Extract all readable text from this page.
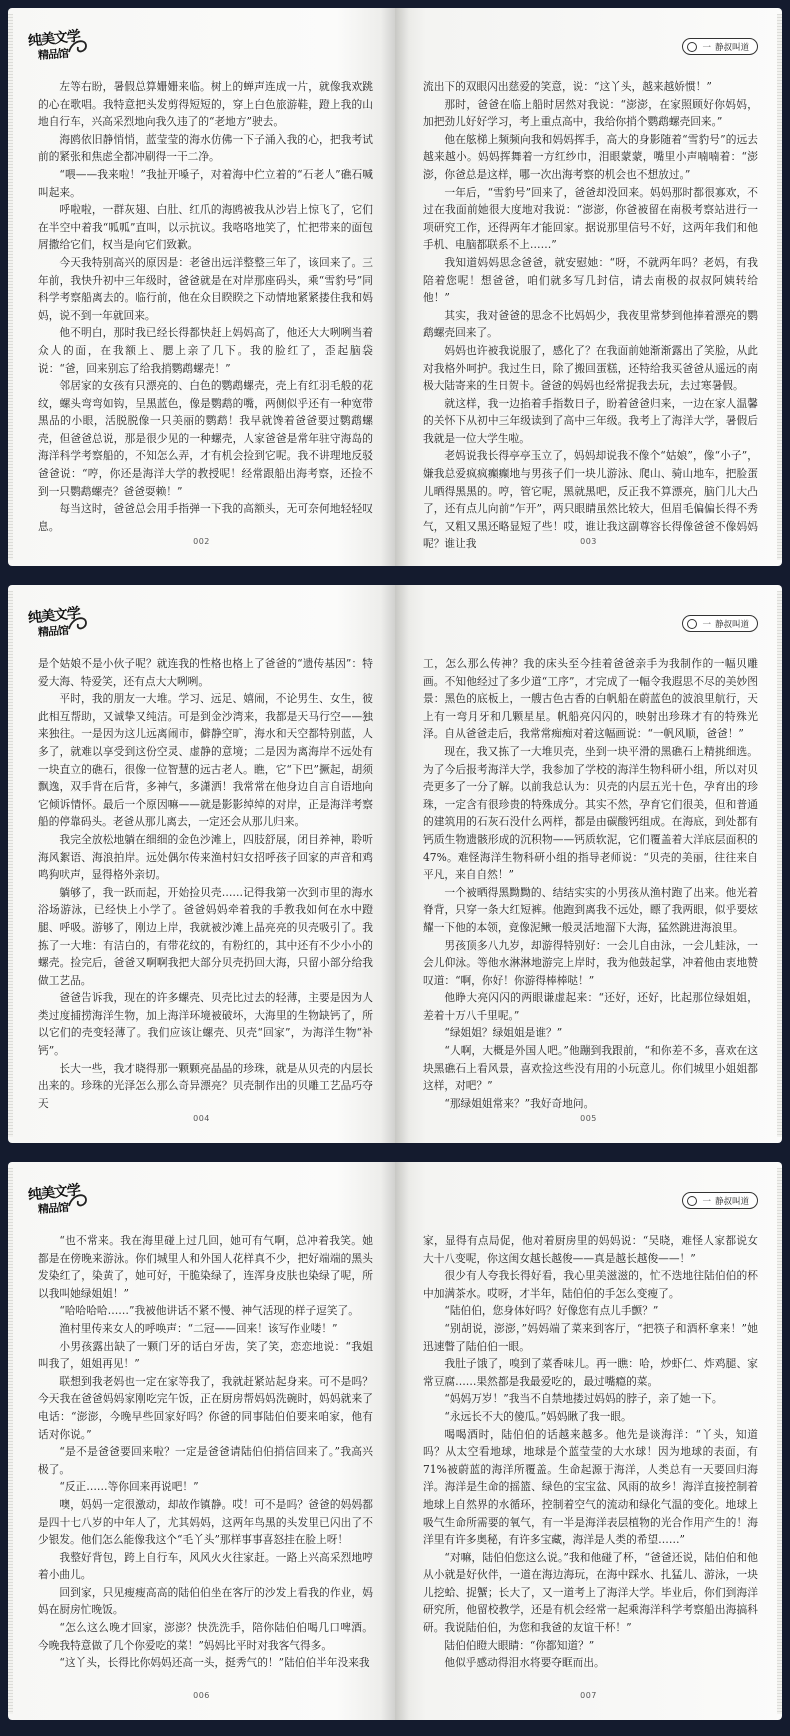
纯美文学
精品馆

左等右盼，暑假总算姗姗来临。树上的蝉声连成一片，就像我欢跳的心在歌唱。我特意把头发剪得短短的，穿上白色旅游鞋，蹬上我的山地自行车，兴高采烈地向我久违了的“老地方”驶去。

海鸥依旧静悄悄，蓝莹莹的海水仿佛一下子涌入我的心，把我考试前的紧张和焦虑全都冲刷得一干二净。

“喂——我来啦！”我扯开嗓子，对着海中伫立着的“石老人”礁石喊叫起来。

呼啦啦，一群灰翅、白肚、红爪的海鸥被我从沙岩上惊飞了，它们在半空中着我“呱呱”直叫，以示抗议。我咯咯地笑了，忙把带来的面包屑撒给它们，权当是向它们致歉。

今天我特别高兴的原因是：老爸出远洋整整三年了，该回来了。三年前，我快升初中三年级时，爸爸就是在对岸那座码头，乘“雪豹号”同科学考察船离去的。临行前，他在众目睽睽之下动情地紧紧搂住我和妈妈，说不到一年就回来。

他不明白，那时我已经长得都快赶上妈妈高了，他还大大咧咧当着众人的面，在我额上、腮上亲了几下。我的脸红了，歪起脑袋说：“爸，回来别忘了给我捎鹦鹉螺壳！”

邻居家的女孩有只漂亮的、白色的鹦鹉螺壳，壳上有红羽毛般的花纹，螺头弯弯如钩，呈黑蓝色，像是鹦鹉的嘴，两侧似乎还有一种宽带黑品的小眼，活脱脱像一只美丽的鹦鹉！我早就馋着爸爸要过鹦鹉螺壳，但爸爸总说，那是很少见的一种螺壳，人家爸爸是常年驻守海岛的海洋科学考察船的，不知怎么弄，才有机会捡到它呢。我不讲理地反驳爸爸说：“哼，你还是海洋大学的教授呢！经常跟船出海考察，还捡不到一只鹦鹉螺壳？爸爸耍赖！”

每当这时，爸爸总会用手指弹一下我的高额头，无可奈何地轻轻叹息。

002
一 静叔叫道

流出下的双眼闪出慈爱的笑意，说：“这丫头，越来越娇惯！”

那时，爸爸在临上船时居然对我说：“澎澎，在家照顾好你妈妈，加把劲儿好好学习，考上重点高中，我给你捎个鹦鹉螺壳回来。”

他在舷梯上频频向我和妈妈挥手，高大的身影随着“雪豹号”的远去越来越小。妈妈挥舞着一方红纱巾，泪眼蒙蒙，嘴里小声喃喃着：“澎澎，你爸总是这样，哪一次出海考察的机会也不想放过。”

一年后，“雪豹号”回来了，爸爸却没回来。妈妈那时都很寡欢，不过在我面前她很大度地对我说：“澎澎，你爸被留在南极考察站进行一项研究工作，还得两年才能回家。据说那里信号不好，这两年我们和他手机、电脑都联系不上……”

我知道妈妈思念爸爸，就安慰她：“呀，不就两年吗？老妈，有我陪着您呢！想爸爸，咱们就多写几封信，请去南极的叔叔阿姨转给他！”

其实，我对爸爸的思念不比妈妈少，我夜里常梦到他捧着漂亮的鹦鹉螺壳回来了。

妈妈也许被我说服了，感化了？在我面前她渐渐露出了笑脸，从此对我格外呵护。我过生日，除了搬回蛋糕，还特给我买爸爸从遥远的南极大陆寄来的生日贺卡。爸爸的妈妈也经常捉我去玩，去过寒暑假。

就这样，我一边掐着手指数日子，盼着爸爸归来，一边在家人温馨的关怀下从初中三年级读到了高中三年级。我考上了海洋大学，暑假后我就是一位大学生啦。

老妈说我长得亭亭玉立了，妈妈却说我不像个“姑娘”，像“小子”，嫌我总爱疯疯癫癫地与男孩子们一块儿游泳、爬山、骑山地车，把脸蛋儿晒得黑黑的。哼，管它呢，黑就黑吧，反正我不算漂亮，脑门儿大凸了，还有点儿向前“乍开”，两只眼睛虽然比较大，但眉毛偏偏长得不秀气，又粗又黑还略显短了些！哎，谁让我这副尊容长得像爸爸不像妈妈呢？谁让我	003
纯美文学
精品馆

是个姑娘不是小伙子呢？就连我的性格也格上了爸爸的“遗传基因”：特爱大海、特爱笑，还有点大大咧咧。

平时，我的朋友一大堆。学习、远足、嬉闹，不论男生、女生，彼此相互帮助，又诚挚又纯洁。可是到金沙湾来，我都是天马行空——独来独往。一是因为这儿远离闹市，僻静空旷，海水和天空都特别蓝，人多了，就难以享受到这份空灵、虚静的意境；二是因为离海岸不远处有一块直立的礁石，很像一位智慧的远古老人。瞧，它“下巴”撅起，胡须飘逸，双手背在后背，多神气，多潇洒！我常常在他身边自言自语地向它倾诉情怀。最后一个原因嘛——就是影影绰绰的对岸，正是海洋考察船的停靠码头。老爸从那儿离去，一定还会从那儿归来。

我完全放松地躺在细细的金色沙滩上，四肢舒展，闭目养神，聆听海风絮语、海浪拍岸。远处偶尔传来渔村妇女招呼孩子回家的声音和鸡鸣狗吠声，显得格外亲切。

躺够了，我一跃而起，开始捡贝壳……记得我第一次到市里的海水浴场游泳，已经快上小学了。爸爸妈妈牵着我的手教我如何在水中蹬腿、呼吸。游够了，刚边上岸，我就被沙滩上晶亮亮的贝壳吸引了。我拣了一大堆：有洁白的，有带花纹的，有粉红的，其中还有不少小小的螺壳。捡完后，爸爸又啊啊我把大部分贝壳扔回大海，只留小部分给我做工艺品。

爸爸告诉我，现在的许多螺壳、贝壳比过去的轻薄，主要是因为人类过度捕捞海洋生物，加上海洋环境被破坏，大海里的生物缺钙了，所以它们的壳变轻薄了。我们应该让螺壳、贝壳“回家”，为海洋生物“补钙”。

长大一些，我才晓得那一颗颗亮晶晶的珍珠，就是从贝壳的内层长出来的。珍珠的光泽怎么那么奇异漂亮？贝壳制作出的贝雕工艺品巧夺天

004
一 静叔叫道

工，怎么那么传神？我的床头至今挂着爸爸亲手为我制作的一幅贝雕画。不知他经过了多少道“工序”，才完成了一幅令我遐思不尽的美妙图景：黑色的底板上，一艘古色古香的白帆船在蔚蓝色的波浪里航行，天上有一弯月牙和几颗星星。帆船亮闪闪的，映射出珍珠才有的特殊光泽。自从爸爸走后，我常常痴痴对着这幅画说：“一帆风顺，爸爸！”

现在，我又拣了一大堆贝壳，坐到一块平滑的黑礁石上精挑细选。为了今后报考海洋大学，我参加了学校的海洋生物科研小组，所以对贝壳更多了一分了解。以前我总认为：贝壳的内层五光十色，孕育出的珍珠，一定含有很珍贵的特殊成分。其实不然，孕育它们很美，但和普通的建筑用的石灰石没什么两样，都是由碳酸钙组成。在海底，到处都有钙质生物遗骸形成的沉积物——钙质软泥，它们覆盖着大洋底层面积的47%。难怪海洋生物科研小组的指导老师说：“贝壳的美丽，往往来自平凡，来自自然！”

一个被晒得黑黝黝的、结结实实的小男孩从渔村跑了出来。他光着脊背，只穿一条大红短裤。他跑到离我不远处，瞟了我两眼，似乎要炫耀一下他的本领，竟像泥鳅一般灵活地溜下大海，猛然跳进海浪里。

男孩顶多八九岁，却游得特别好：一会儿自由泳，一会儿蛙泳，一会儿仰泳。等他水淋淋地游完上岸时，我为他鼓起掌，冲着他由衷地赞叹道：“啊，你好！你游得棒棒哒！”

他睁大亮闪闪的两眼谦虚起来：“还好，还好，比起那位绿姐姐，差着十万八千里呢。”

“绿姐姐？绿姐姐是谁？”

“人啊，大概是外国人吧。”他蹦到我跟前，“和你差不多，喜欢在这块黑礁石上看风景，喜欢捡这些没有用的小玩意儿。你们城里小姐姐都这样，对吧？”

“那绿姐姐常来？”我好奇地问。

005
纯美文学
精品馆

“也不常来。我在海里碰上过几回，她可有气啊，总冲着我笑。她都是在傍晚来游泳。你们城里人和外国人花样真不少，把好端端的黑头发染红了，染黄了，她可好，干脆染绿了，连浑身皮肤也染绿了呢，所以我叫她绿姐姐！”

“哈哈哈哈……”我被他讲话不紧不慢、神气活现的样子逗笑了。

渔村里传来女人的呼唤声：“二冠——回来！该写作业喽！”

小男孩露出缺了一颗门牙的话白牙齿，笑了笑，恋恋地说：“我姐叫我了，姐姐再见！”

联想到我老妈也一定在家等我了，我就赶紧站起身来。可不是吗？今天我在爸爸妈妈家刚吃完午饭，正在厨房帮妈妈洗碗时，妈妈就来了电话：“澎澎，今晚早些回家好吗？你爸的同事陆伯伯要来咱家，他有话对你说。”

“是不是爸爸要回来啦？一定是爸爸请陆伯伯捎信回来了。”我高兴极了。

“反正……等你回来再说吧！”

噢，妈妈一定很激动，却故作镇静。哎！可不是吗？爸爸的妈妈都是四十七八岁的中年人了，尤其妈妈，这两年鸟黑的头发里已闪出了不少银发。他们怎么能像我这个“毛丫头”那样事事喜怒挂在脸上呀！

我整好背包，跨上自行车，风风火火往家赶。一路上兴高采烈地哼着小曲儿。

回到家，只见瘦瘦高高的陆伯伯坐在客厅的沙发上看我的作业，妈妈在厨房忙晚饭。

“怎么这么晚才回家，澎澎？快洗洗手，陪你陆伯伯喝几口啤酒。今晚我特意做了几个你爱吃的菜！”妈妈比平时对我客气得多。

“这丫头，长得比你妈妈还高一头，挺秀气的！”陆伯伯半年没来我

006
一 静叔叫道

家，显得有点局促，他对着厨房里的妈妈说：“吴晓，难怪人家都说女大十八变呢，你这闺女越长越俊——真是越长越俊——！”

很少有人夸我长得好看，我心里美滋滋的，忙不迭地往陆伯伯的杯中加满茶水。哎呀，才半年，陆伯伯的手怎么变瘦了。

“陆伯伯，您身体好吗？好像您有点儿手颤？”

“别胡说，澎澎，”妈妈端了菜来到客厅，“把筷子和酒杯拿来！”她迅速瞥了陆伯伯一眼。

我肚子饿了，嗅到了菜香味儿。再一瞧：哈，炒虾仁、炸鸡腿、家常豆腐……果然都是我最爱吃的，最过嘴瘾的菜。

“妈妈万岁！”我当不自禁地搂过妈妈的脖子，亲了她一下。

“永远长不大的傻瓜。”妈妈瞅了我一眼。

喝喝酒时，陆伯伯的话越来越多。他先是谈海洋：“丫头，知道吗？从太空看地球，地球是个蓝莹莹的大水球！因为地球的表面，有71%被蔚蓝的海洋所覆盖。生命起源于海洋，人类总有一天要回归海洋。海洋是生命的摇篮、绿色的宝宝盆、风雨的故乡！海洋直接控制着地球上自然界的水循环，控制着空气的流动和绿化气温的变化。地球上吸气生命所需要的氧气，有一半是海洋表层植物的光合作用产生的！海洋里有许多奥秘，有许多宝藏，海洋是人类的希望……”

“对嘛，陆伯伯您这么说。”我和他碰了杯，“爸爸还说，陆伯伯和他从小就是好伙伴，一道在海边海玩，在海中踩水、扎猛儿、游泳，一块儿挖蛤、捉蟹；长大了，又一道考上了海洋大学。毕业后，你们到海洋研究所，他留校教学，还是有机会经常一起乘海洋科学考察船出海搞科研。我说陆伯伯，为您和我爸的友谊干杯！”

陆伯伯瞪大眼睛：“你都知道？”

他似乎感动得泪水将要夺眶而出。

007
